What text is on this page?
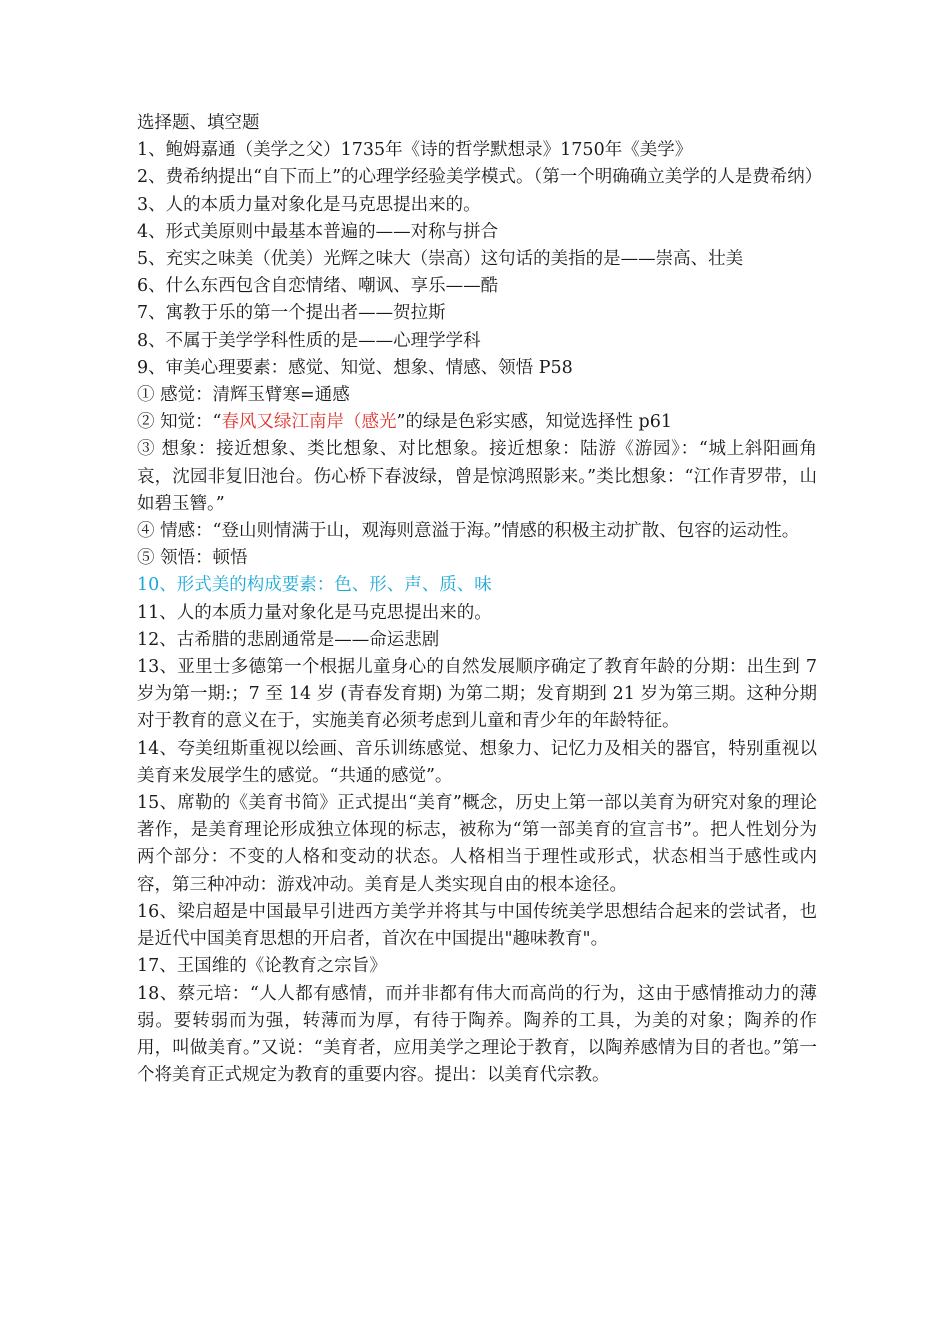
选择题、填空题

1、鲍姆嘉通（美学之父）1735年《诗的哲学默想录》1750年《美学》

2、费希纳提出“自下而上”的心理学经验美学模式。（第一个明确确立美学的人是费希纳）

3、人的本质力量对象化是马克思提出来的。

4、形式美原则中最基本普遍的——对称与拼合

5、充实之味美（优美）光辉之味大（崇高）这句话的美指的是——崇高、壮美

6、什么东西包含自恋情绪、嘲讽、享乐——酷

7、寓教于乐的第一个提出者——贺拉斯

8、不属于美学学科性质的是——心理学学科

9、审美心理要素：感觉、知觉、想象、情感、领悟 P58

① 感觉：清辉玉臂寒=通感

② 知觉：“春风又绿江南岸（感光”的绿是色彩实感，知觉选择性 p61

③ 想象：接近想象、类比想象、对比想象。接近想象：陆游《游园》：“城上斜阳画角哀，沈园非复旧池台。伤心桥下春波绿，曾是惊鸿照影来。”类比想象：“江作青罗带，山如碧玉簪。”

④ 情感：“登山则情满于山，观海则意溢于海。”情感的积极主动扩散、包容的运动性。

⑤ 领悟：顿悟

10、形式美的构成要素：色、形、声、质、味

11、人的本质力量对象化是马克思提出来的。

12、古希腊的悲剧通常是——命运悲剧

13、亚里士多德第一个根据儿童身心的自然发展顺序确定了教育年龄的分期：出生到 7 岁为第一期:；7 至 14 岁 (青春发育期) 为第二期；发育期到 21 岁为第三期。这种分期对于教育的意义在于，实施美育必须考虑到儿童和青少年的年龄特征。

14、夸美纽斯重视以绘画、音乐训练感觉、想象力、记忆力及相关的器官，特别重视以美育来发展学生的感觉。“共通的感觉”。

15、席勒的《美育书简》正式提出“美育”概念，历史上第一部以美育为研究对象的理论著作，是美育理论形成独立体现的标志，被称为“第一部美育的宣言书”。把人性划分为两个部分：不变的人格和变动的状态。人格相当于理性或形式，状态相当于感性或内容，第三种冲动：游戏冲动。美育是人类实现自由的根本途径。

16、梁启超是中国最早引进西方美学并将其与中国传统美学思想结合起来的尝试者，也是近代中国美育思想的开启者，首次在中国提出"趣味教育"。

17、王国维的《论教育之宗旨》

18、蔡元培：“人人都有感情，而并非都有伟大而高尚的行为，这由于感情推动力的薄弱。要转弱而为强，转薄而为厚，有待于陶养。陶养的工具，为美的对象；陶养的作用，叫做美育。”又说：“美育者，应用美学之理论于教育，以陶养感情为目的者也。”第一个将美育正式规定为教育的重要内容。提出：以美育代宗教。
